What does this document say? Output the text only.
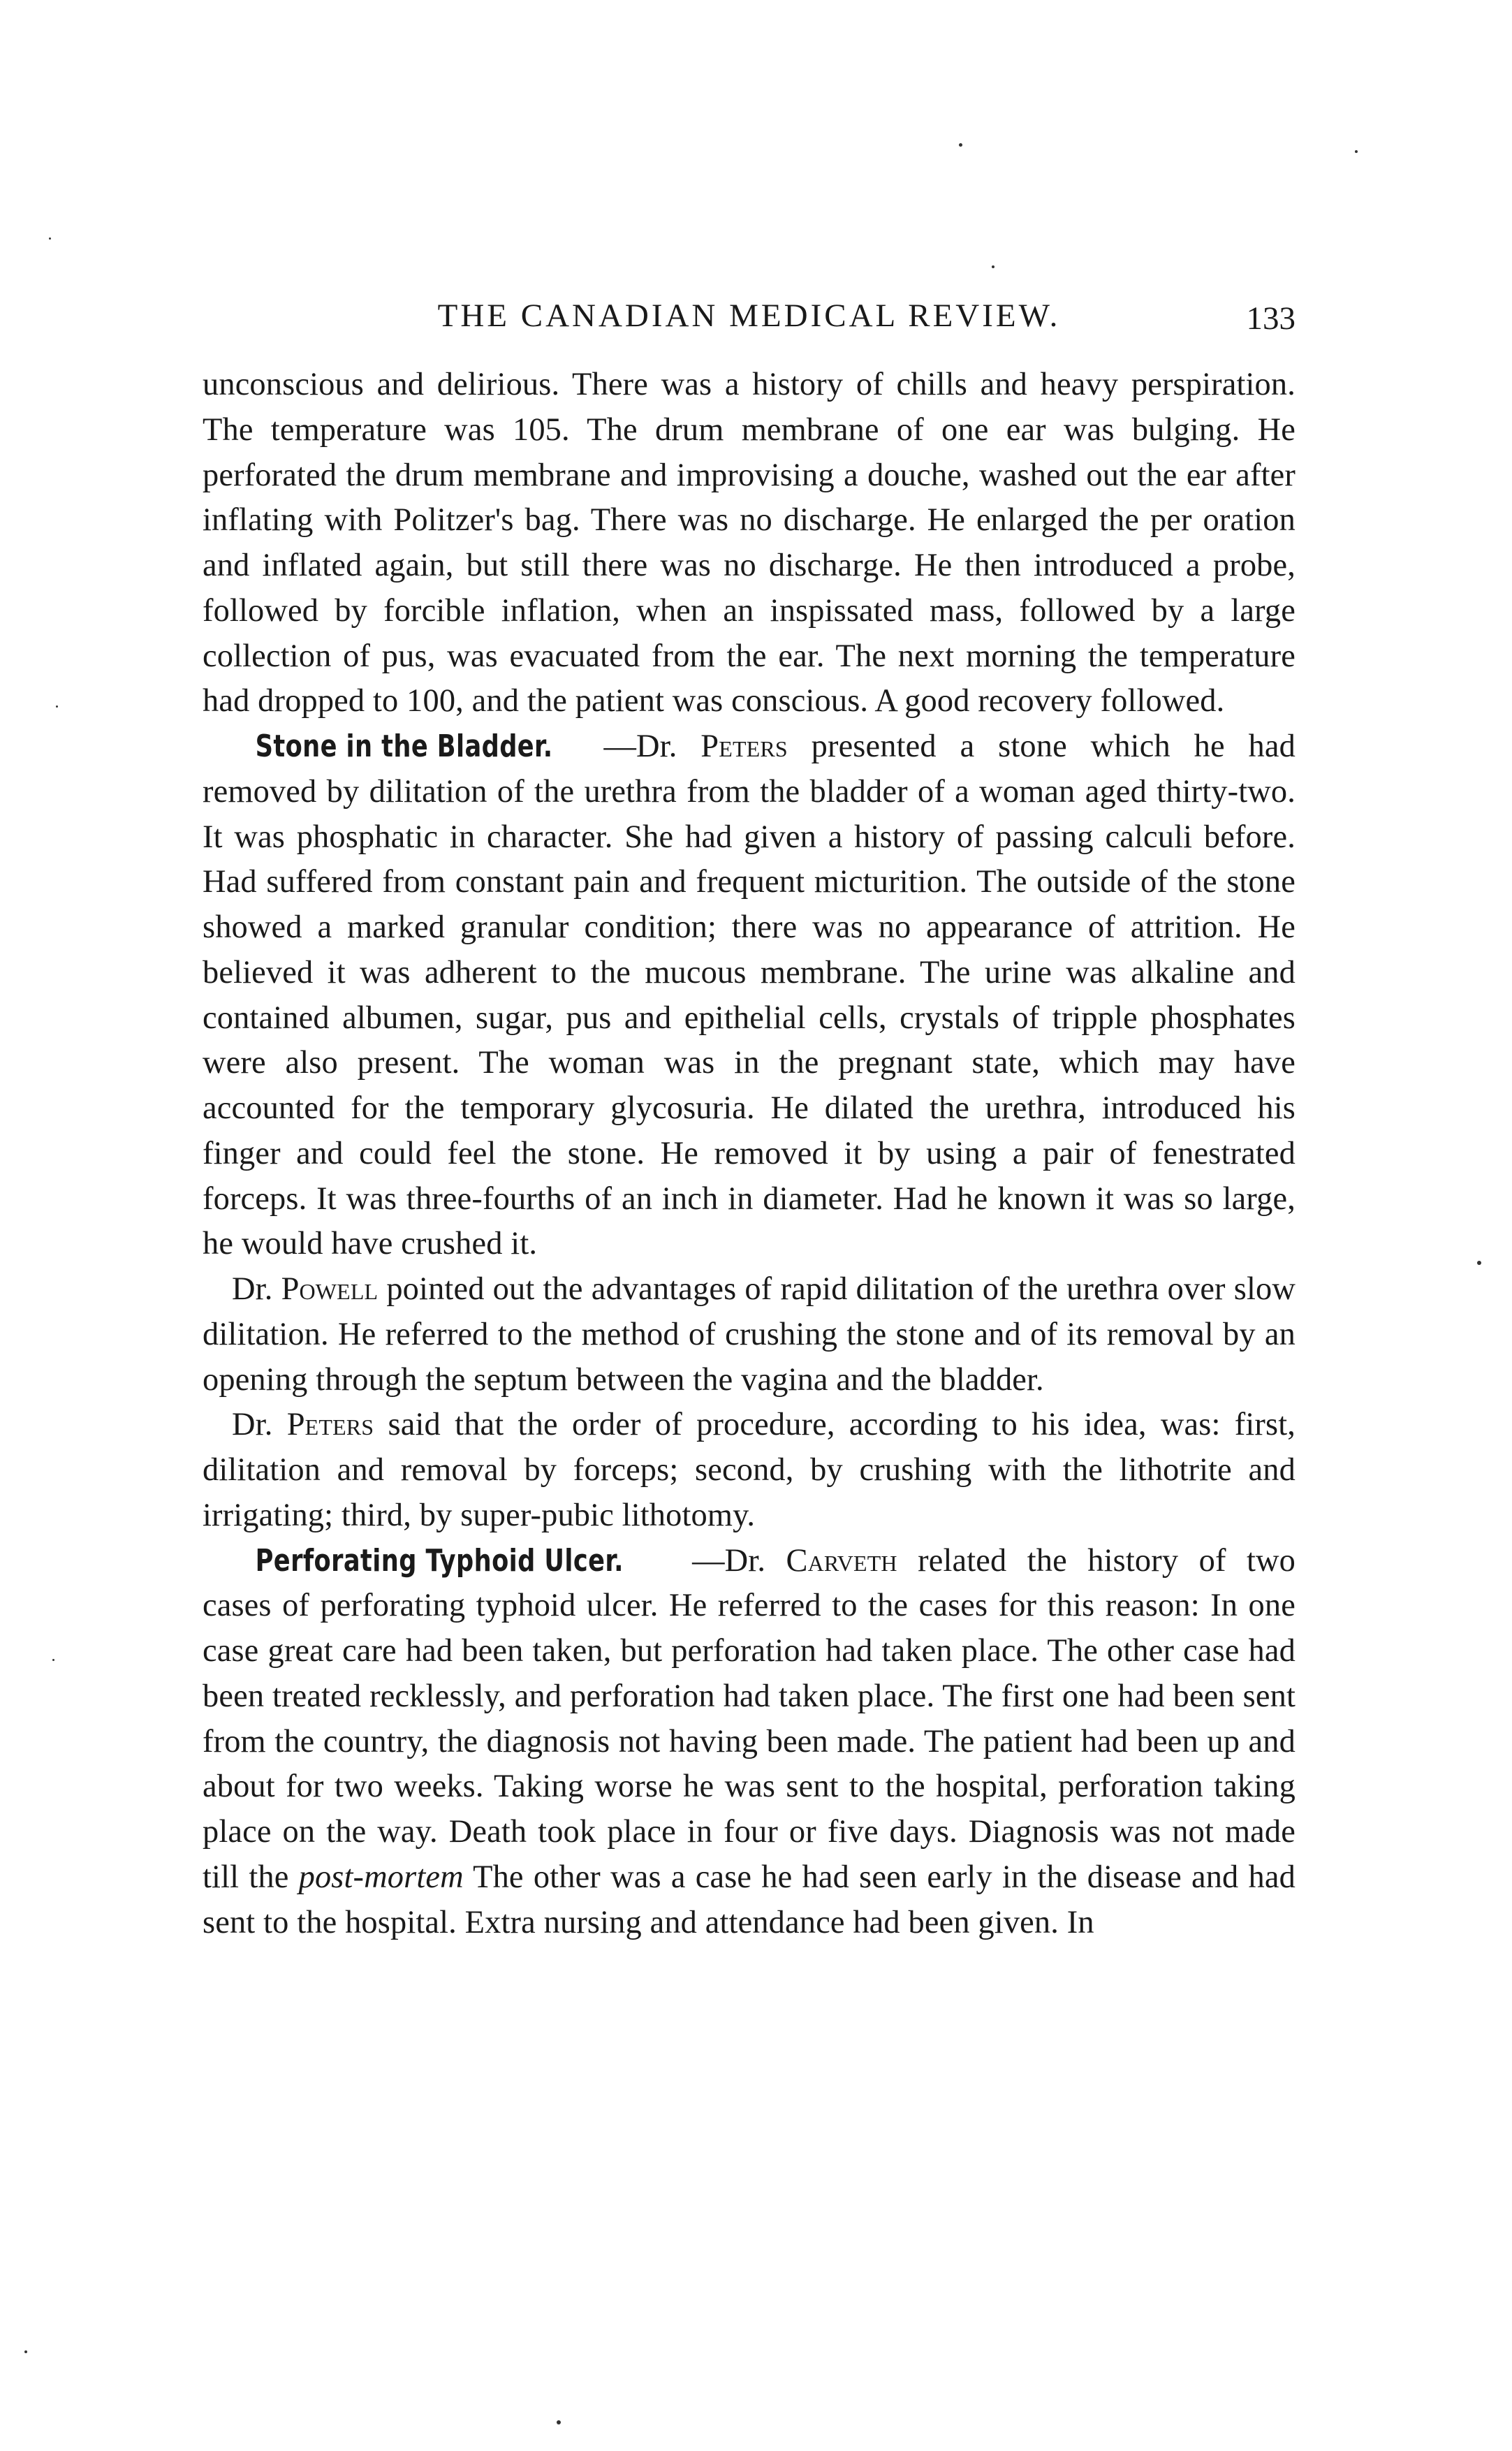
THE CANADIAN MEDICAL REVIEW.	133

unconscious and delirious. There was a history of chills and heavy perspiration. The temperature was 105. The drum membrane of one ear was bulging. He perforated the drum membrane and improvising a douche, washed out the ear after inflating with Politzer's bag. There was no discharge. He enlarged the per oration and inflated again, but still there was no discharge. He then introduced a probe, followed by forcible inflation, when an inspissated mass, followed by a large collection of pus, was evacuated from the ear. The next morning the temperature had dropped to 100, and the patient was conscious. A good recovery followed.

Stone in the Bladder. —Dr. Peters presented a stone which he had removed by dilitation of the urethra from the bladder of a woman aged thirty-two. It was phosphatic in character. She had given a history of passing calculi before. Had suffered from constant pain and frequent micturition. The outside of the stone showed a marked granular condition; there was no appearance of attrition. He believed it was adherent to the mucous membrane. The urine was alkaline and contained albumen, sugar, pus and epithelial cells, crystals of tripple phosphates were also present. The woman was in the pregnant state, which may have accounted for the temporary glycosuria. He dilated the urethra, introduced his finger and could feel the stone. He removed it by using a pair of fenestrated forceps. It was three-fourths of an inch in diameter. Had he known it was so large, he would have crushed it.

Dr. Powell pointed out the advantages of rapid dilitation of the urethra over slow dilitation. He referred to the method of crushing the stone and of its removal by an opening through the septum between the vagina and the bladder.

Dr. Peters said that the order of procedure, according to his idea, was: first, dilitation and removal by forceps; second, by crushing with the lithotrite and irrigating; third, by super-pubic lithotomy.

Perforating Typhoid Ulcer. —Dr. Carveth related the history of two cases of perforating typhoid ulcer. He referred to the cases for this reason: In one case great care had been taken, but perforation had taken place. The other case had been treated recklessly, and perforation had taken place. The first one had been sent from the country, the diagnosis not having been made. The patient had been up and about for two weeks. Taking worse he was sent to the hospital, perforation taking place on the way. Death took place in four or five days. Diagnosis was not made till the post-mortem The other was a case he had seen early in the disease and had sent to the hospital. Extra nursing and attendance had been given. In
